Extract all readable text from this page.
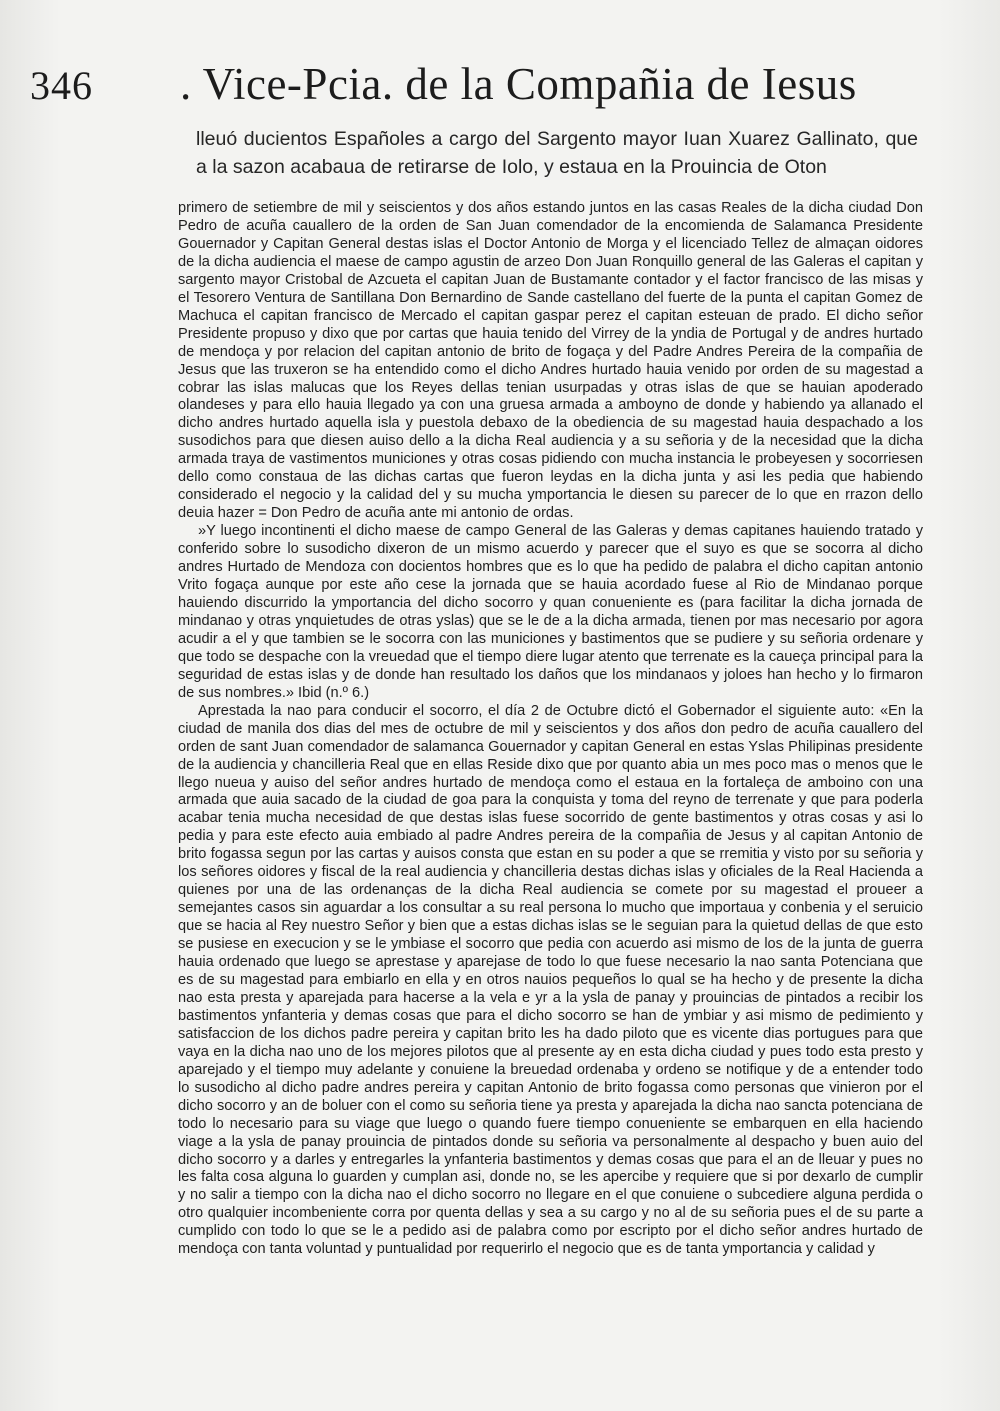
346 . Vice-Pcia. de la Compañia de Iesus
lleuó ducientos Españoles a cargo del Sargento mayor Iuan Xuarez Gallinato, que a la sazon acabaua de retirarse de Iolo, y estaua en la Prouincia de Oton

primero de setiembre de mil y seiscientos y dos años estando juntos en las casas Reales de la dicha ciudad Don Pedro de acuña cauallero de la orden de San Juan comendador de la encomienda de Salamanca Presidente Gouernador y Capitan General destas islas el Doctor Antonio de Morga y el licenciado Tellez de almaçan oidores de la dicha audiencia el maese de campo agustin de arzeo Don Juan Ronquillo general de las Galeras el capitan y sargento mayor Cristobal de Azcueta el capitan Juan de Bustamante contador y el factor francisco de las misas y el Tesorero Ventura de Santillana Don Bernardino de Sande castellano del fuerte de la punta el capitan Gomez de Machuca el capitan francisco de Mercado el capitan gaspar perez el capitan esteuan de prado. El dicho señor Presidente propuso y dixo que por cartas que hauia tenido del Virrey de la yndia de Portugal y de andres hurtado de mendoça y por relacion del capitan antonio de brito de fogaça y del Padre Andres Pereira de la compañia de Jesus que las truxeron se ha entendido como el dicho Andres hurtado hauia venido por orden de su magestad a cobrar las islas malucas que los Reyes dellas tenian usurpadas y otras islas de que se hauian apoderado olandeses y para ello hauia llegado ya con una gruesa armada a amboyno de donde y habiendo ya allanado el dicho andres hurtado aquella isla y puestola debaxo de la obediencia de su magestad hauia despachado a los susodichos para que diesen auiso dello a la dicha Real audiencia y a su señoria y de la necesidad que la dicha armada traya de vastimentos municiones y otras cosas pidiendo con mucha instancia le probeyesen y socorriesen dello como constaua de las dichas cartas que fueron leydas en la dicha junta y asi les pedia que habiendo considerado el negocio y la calidad del y su mucha ymportancia le diesen su parecer de lo que en rrazon dello deuia hazer = Don Pedro de acuña ante mi antonio de ordas.

»Y luego incontinenti el dicho maese de campo General de las Galeras y demas capitanes hauiendo tratado y conferido sobre lo susodicho dixeron de un mismo acuerdo y parecer que el suyo es que se socorra al dicho andres Hurtado de Mendoza con docientos hombres que es lo que ha pedido de palabra el dicho capitan antonio Vrito fogaça aunque por este año cese la jornada que se hauia acordado fuese al Rio de Mindanao porque hauiendo discurrido la ymportancia del dicho socorro y quan conueniente es (para facilitar la dicha jornada de mindanao y otras ynquietudes de otras yslas) que se le de a la dicha armada, tienen por mas necesario por agora acudir a el y que tambien se le socorra con las municiones y bastimentos que se pudiere y su señoria ordenare y que todo se despache con la vreuedad que el tiempo diere lugar atento que terrenate es la caueça principal para la seguridad de estas islas y de donde han resultado los daños que los mindanaos y joloes han hecho y lo firmaron de sus nombres.» Ibid (n.º 6.)

Aprestada la nao para conducir el socorro, el día 2 de Octubre dictó el Gobernador el siguiente auto: «En la ciudad de manila dos dias del mes de octubre de mil y seiscientos y dos años don pedro de acuña cauallero del orden de sant Juan comendador de salamanca Gouernador y capitan General en estas Yslas Philipinas presidente de la audiencia y chancilleria Real que en ellas Reside dixo que por quanto abia un mes poco mas o menos que le llego nueua y auiso del señor andres hurtado de mendoça como el estaua en la fortaleça de amboino con una armada que auia sacado de la ciudad de goa para la conquista y toma del reyno de terrenate y que para poderla acabar tenia mucha necesidad de que destas islas fuese socorrido de gente bastimentos y otras cosas y asi lo pedia y para este efecto auia embiado al padre Andres pereira de la compañia de Jesus y al capitan Antonio de brito fogassa segun por las cartas y auisos consta que estan en su poder a que se rremitia y visto por su señoria y los señores oidores y fiscal de la real audiencia y chancilleria destas dichas islas y oficiales de la Real Hacienda a quienes por una de las ordenanças de la dicha Real audiencia se comete por su magestad el proueer a semejantes casos sin aguardar a los consultar a su real persona lo mucho que importaua y conbenia y el seruicio que se hacia al Rey nuestro Señor y bien que a estas dichas islas se le seguian para la quietud dellas de que esto se pusiese en execucion y se le ymbiase el socorro que pedia con acuerdo asi mismo de los de la junta de guerra hauia ordenado que luego se aprestase y aparejase de todo lo que fuese necesario la nao santa Potenciana que es de su magestad para embiarlo en ella y en otros nauios pequeños lo qual se ha hecho y de presente la dicha nao esta presta y aparejada para hacerse a la vela e yr a la ysla de panay y prouincias de pintados a recibir los bastimentos ynfanteria y demas cosas que para el dicho socorro se han de ymbiar y asi mismo de pedimiento y satisfaccion de los dichos padre pereira y capitan brito les ha dado piloto que es vicente dias portugues para que vaya en la dicha nao uno de los mejores pilotos que al presente ay en esta dicha ciudad y pues todo esta presto y aparejado y el tiempo muy adelante y conuiene la breuedad ordenaba y ordeno se notifique y de a entender todo lo susodicho al dicho padre andres pereira y capitan Antonio de brito fogassa como personas que vinieron por el dicho socorro y an de boluer con el como su señoria tiene ya presta y aparejada la dicha nao sancta potenciana de todo lo necesario para su viage que luego o quando fuere tiempo conueniente se embarquen en ella haciendo viage a la ysla de panay prouincia de pintados donde su señoria va personalmente al despacho y buen auio del dicho socorro y a darles y entregarles la ynfanteria bastimentos y demas cosas que para el an de lleuar y pues no les falta cosa alguna lo guarden y cumplan asi, donde no, se les apercibe y requiere que si por dexarlo de cumplir y no salir a tiempo con la dicha nao el dicho socorro no llegare en el que conuiene o subcediere alguna perdida o otro qualquier incombeniente corra por quenta dellas y sea a su cargo y no al de su señoria pues el de su parte a cumplido con todo lo que se le a pedido asi de palabra como por escripto por el dicho señor andres hurtado de mendoça con tanta voluntad y puntualidad por requerirlo el negocio que es de tanta ymportancia y calidad y
